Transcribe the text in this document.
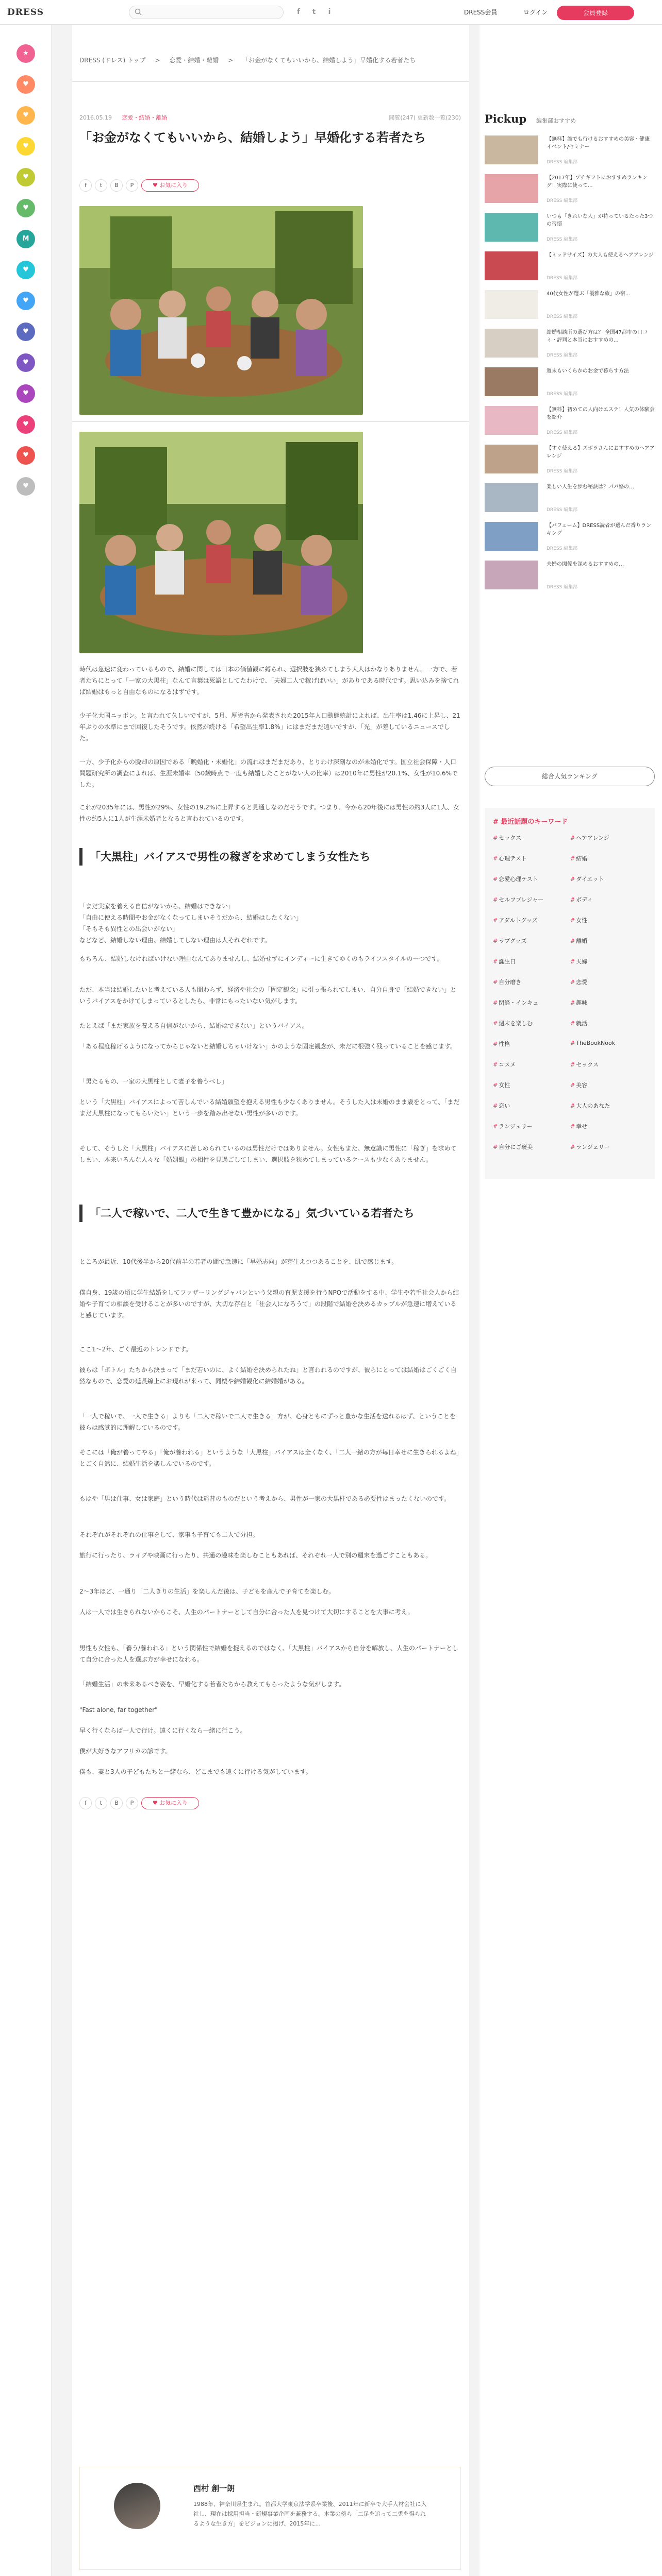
DRESS	f	t	i	DRESS会員	ログイン	会員登録
★
♥
♥
♥
♥
♥
M
♥
♥
♥
♥
♥
♥
♥
♥
DRESS (ドレス) トップ > 恋愛・結婚・離婚 > 「お金がなくてもいいから、結婚しよう」早婚化する若者たち
2016.05.19 恋愛・結婚・離婚	閲覧(247) 更新数一覧(230)
「お金がなくてもいいから、結婚しよう」早婚化する若者たち
f	t	B	P	♥ お気に入り
時代は急速に変わっているもので、結婚に関しては日本の価値観に縛られ、選択肢を狭めてしまう大人はかなりありません。一方で、若者たちにとって「一家の大黒柱」なんて言葉は死語としてたわけで、「夫婦二人で稼げばいい」がありである時代です。思い込みを捨てれば結婚はもっと自由なものになるはずです。
少子化大国ニッポン。と言われて久しいですが、5月、厚労省から発表された2015年人口動態統計によれば、出生率は1.46に上昇し、21年ぶりの水準にまで回復したそうです。依然が続ける「希望出生率1.8%」にはまだまだ遠いですが、「光」が差しているニュースでした。
一方、少子化からの脱却の原因である「晩婚化・未婚化」の流れはまだまだあり、とりわけ深刻なのが未婚化です。国立社会保障・人口問題研究所の調査によれば、生涯未婚率（50歳時点で一度も結婚したことがない人の比率）は2010年に男性が20.1%、女性が10.6%でした。
これが2035年には、男性が29%、女性の19.2%に上昇すると見通しなのだそうです。つまり、今から20年後には男性の約3人に1人、女性の約5人に1人が生涯未婚者となると言われているのです。
「大黒柱」バイアスで男性の稼ぎを求めてしまう女性たち
「まだ実家を養える自信がないから、結婚はできない」
「自由に使える時間やお金がなくなってしまいそうだから、結婚はしたくない」
「そもそも異性との出会いがない」
などなど、結婚しない理由、結婚してしない理由は人それぞれです。
もちろん、結婚しなければいけない理由なんてありませんし、結婚せずにインディーに生きてゆくのもライフスタイルの一つです。
ただ、本当は結婚したいと考えている人も間わらず、経済や社会の「固定観念」に引っ張られてしまい、自分自身で「結婚できない」というバイアスをかけてしまっているとしたら、非常にもったいない気がします。
たとえば「まだ家族を養える自信がないから、結婚はできない」というバイアス。
「ある程度稼げるようになってからじゃないと結婚しちゃいけない」かのような固定観念が、未だに根強く残っていることを感じます。
「男たるもの、一家の大黒柱として妻子を養うべし」
という「大黒柱」バイアスによって苦しんでいる結婚願望を抱える男性も少なくありません。そうした人は未婚のまま歳をとって、「まだまだ大黒柱になってもらいたい」という一歩を踏み出せない男性が多いのです。
そして、そうした「大黒柱」バイアスに苦しめられているのは男性だけではありません。女性もまた、無意識に男性に「稼ぎ」を求めてしまい、本来いろんな人々な「婚姻観」の相性を見過ごしてしまい、選択肢を狭めてしまっているケースも少なくありません。
「二人で稼いで、二人で生きて豊かになる」気づいている若者たち
ところが最近、10代後半から20代前半の若者の間で急速に「早婚志向」が芽生えつつあることを、肌で感じます。
僕自身、19歳の頃に学生結婚をしてファザーリングジャパンという父親の育児支援を行うNPOで活動をする中、学生や若手社会人から結婚や子育ての相談を受けることが多いのですが、大切な存在と「社会人になろうて」の段階で結婚を決めるカップルが急速に増えていると感じています。
ここ1〜2年、ごく最近のトレンドです。
彼らは「ボトル」たちから決まって「まだ若いのに、よく結婚を決められたね」と言われるのですが、彼らにとっては結婚はごくごく自然なもので、恋愛の延長線上にお現れが来って、同棲や結婚観化に結婚婚がある。
「一人で稼いで、一人で生きる」よりも「二人で稼いで二人で生きる」方が、心身ともにずっと豊かな生活を送れるはず、ということを彼らは感覚的に理解しているのです。
そこには「俺が養ってやる」「俺が養われる」というような「大黒柱」バイアスは全くなく、「二人一緒の方が毎日幸せに生きられるよね」とごく自然に、結婚生活を楽しんでいるのです。
もはや「男は仕事、女は家庭」という時代は遥昔のものだという考えから、男性が一家の大黒柱である必要性はまったくないのです。
それぞれがそれぞれの仕事をして、家事も子育ても二人で分担。
旅行に行ったり、ライブや映画に行ったり、共通の趣味を楽しむこともあれば、それぞれ一人で別の週末を過ごすこともある。
2〜3年ほど、一通り「二人きりの生活」を楽しんだ後は、子どもを産んで子育てを楽しむ。
人は一人では生きられないからこそ、人生のパートナーとして自分に合った人を見つけて大切にすることを大事に考え。
男性も女性も、「養う/養われる」という関係性で結婚を捉えるのではなく、「大黒柱」バイアスから自分を解放し、人生のパートナーとして自分に合った人を選ぶ方が幸せになれる。
「結婚生活」の未来あるべき姿を、早婚化する若者たちから教えてもらったような気がします。
"Fast alone, far together"
早く行くならば一人で行け。遠くに行くなら一緒に行こう。
僕が大好きなアフリカの諺です。
僕も、妻と3人の子どもたちと一緒なら、どこまでも遠くに行ける気がしています。
f	t	B	P	♥ お気に入り
西村 創一朗
1988年、神奈川県生まれ。首都大学東京法学系卒業後、2011年に新卒で大手人材会社に入社し、現在は採用担当・新規事業企画を兼務する。本業の傍ら「二足を追って二兎を得られるような生き方」をビジョンに掲げ、2015年に...
Pickup 編集部おすすめ
【無料】誰でも行けるおすすめの美容・健康イベント/セミナー
DRESS 編集部
【2017年】プチギフトにおすすめランキング！実際に使って...
DRESS 編集部
いつも「きれいな人」が持っているたった3つの習慣
DRESS 編集部
【ミッドサイズ】の大人も使えるヘアアレンジ
DRESS 編集部
40代女性が選ぶ「優雅な旅」の宿…
DRESS 編集部
結婚相談所の選び方は？ 全国47都市の口コミ・評判と本当におすすめの...
DRESS 編集部
週末もいくらかのお金で暮らす方法
DRESS 編集部
【無料】初めての人向けエステ！人気の体験会を紹介
DRESS 編集部
【すぐ使える】ズボラさんにおすすめのヘアアレンジ
DRESS 編集部
楽しい人生を歩む秘訣は？パパ婚の…
DRESS 編集部
【パフューム】DRESS読者が選んだ香りランキング
DRESS 編集部
夫婦の関係を深めるおすすめの…
DRESS 編集部
総合人気ランキング
# 最近話題のキーワード
# セックス	# ヘアアレンジ
# 心理テスト	# 結婚
# 恋愛心理テスト	# ダイエット
# セルフプレジャー	# ボディ
# アダルトグッズ	# 女性
# ラブグッズ	# 離婚
# 誕生日	# 夫婦
# 自分磨き	# 恋愛
# 閉経・インキュ	# 趣味
# 週末を楽しむ	# 就活
# 性格	# TheBookNook
# コスメ	# セックス
# 女性	# 美容
# 恋い	# 大人のあなた
# ランジェリー	# 幸せ
# 自分にご褒美	# ランジェリー
